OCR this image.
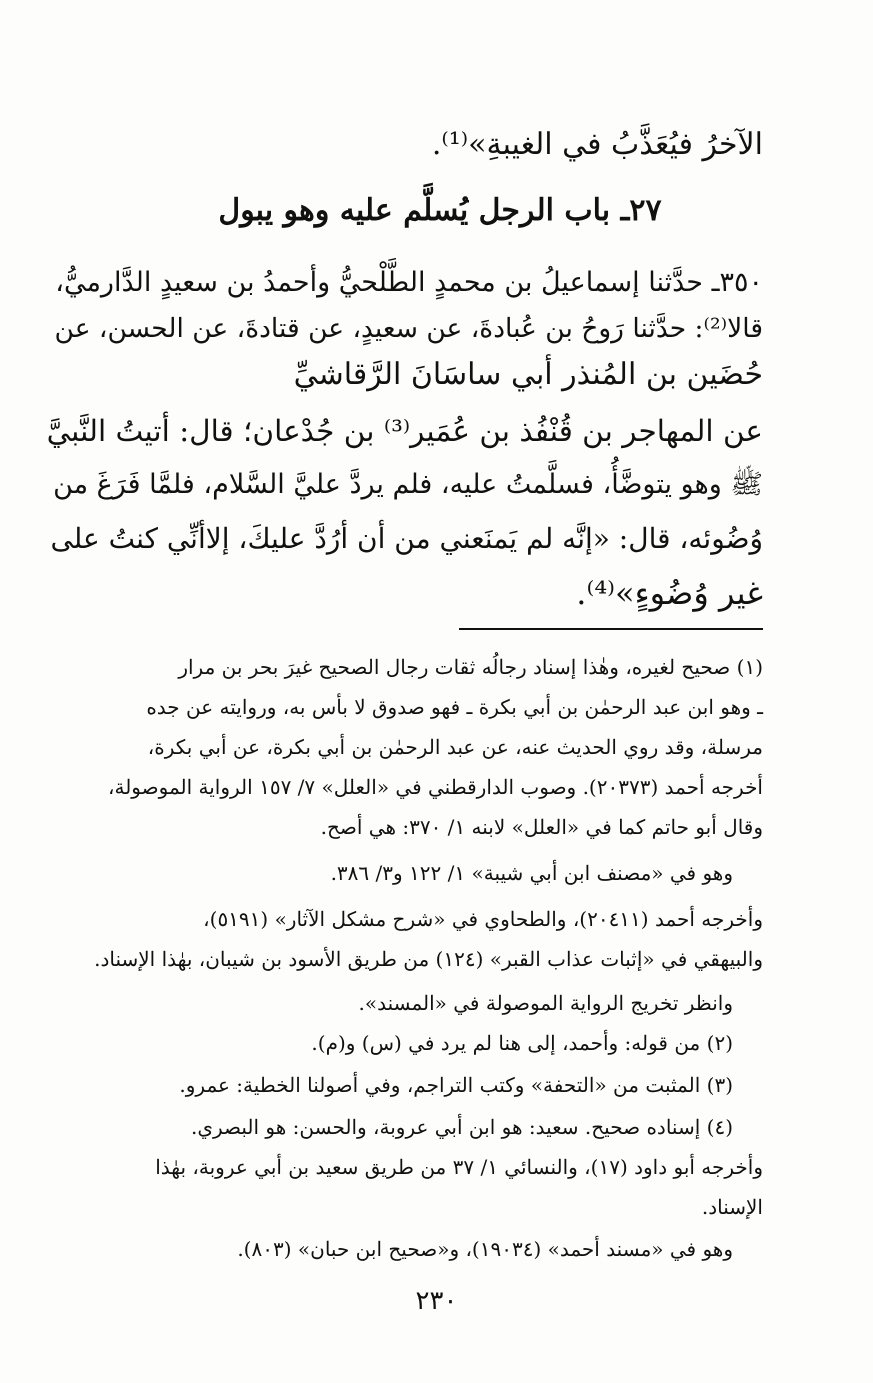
الآخرُ فيُعَذَّبُ في الغيبةِ»⁽¹⁾.
٢٧ـ باب الرجل يُسلَّم عليه وهو يبول
٣٥٠ـ حدَّثنا إسماعيلُ بن محمدٍ الطَّلْحيُّ وأحمدُ بن سعيدٍ الدَّارميُّ،
قالا⁽²⁾: حدَّثنا رَوحُ بن عُبادةَ، عن سعيدٍ، عن قتادةَ، عن الحسن، عن
حُضَين بن المُنذر أبي ساسَانَ الرَّقاشيِّ
عن المهاجر بن قُنْفُذ بن عُمَير⁽³⁾ بن جُدْعان؛ قال: أتيتُ النَّبيَّ
ﷺ وهو يتوضَّأُ، فسلَّمتُ عليه، فلم يردَّ عليَّ السَّلام، فلمَّا فَرَغَ من
وُضُوئه، قال: «إنَّه لم يَمنَعني من أن أرُدَّ عليكَ، إلاأنِّي كنتُ على
غير وُضُوءٍ»⁽⁴⁾.
(١) صحيح لغيره، وهٰذا إسناد رجالُه ثقات رجال الصحيح غيرَ بحر بن مرار
ـ وهو ابن عبد الرحمٰن بن أبي بكرة ـ فهو صدوق لا بأس به، وروايته عن جده
مرسلة، وقد روي الحديث عنه، عن عبد الرحمٰن بن أبي بكرة، عن أبي بكرة،
أخرجه أحمد (٢٠٣٧٣). وصوب الدارقطني في «العلل» ٧/ ١٥٧ الرواية الموصولة،
وقال أبو حاتم كما في «العلل» لابنه ١/ ٣٧٠: هي أصح.
وهو في «مصنف ابن أبي شيبة» ١/ ١٢٢ و٣/ ٣٨٦.
وأخرجه أحمد (٢٠٤١١)، والطحاوي في «شرح مشكل الآثار» (٥١٩١)،
والبيهقي في «إثبات عذاب القبر» (١٢٤) من طريق الأسود بن شيبان، بهٰذا الإسناد.
وانظر تخريج الرواية الموصولة في «المسند».
(٢) من قوله: وأحمد، إلى هنا لم يرد في (س) و(م).
(٣) المثبت من «التحفة» وكتب التراجم، وفي أصولنا الخطية: عمرو.
(٤) إسناده صحيح. سعيد: هو ابن أبي عروبة، والحسن: هو البصري.
وأخرجه أبو داود (١٧)، والنسائي ١/ ٣٧ من طريق سعيد بن أبي عروبة، بهٰذا
الإسناد.
وهو في «مسند أحمد» (١٩٠٣٤)، و«صحيح ابن حبان» (٨٠٣).
٢٣٠
